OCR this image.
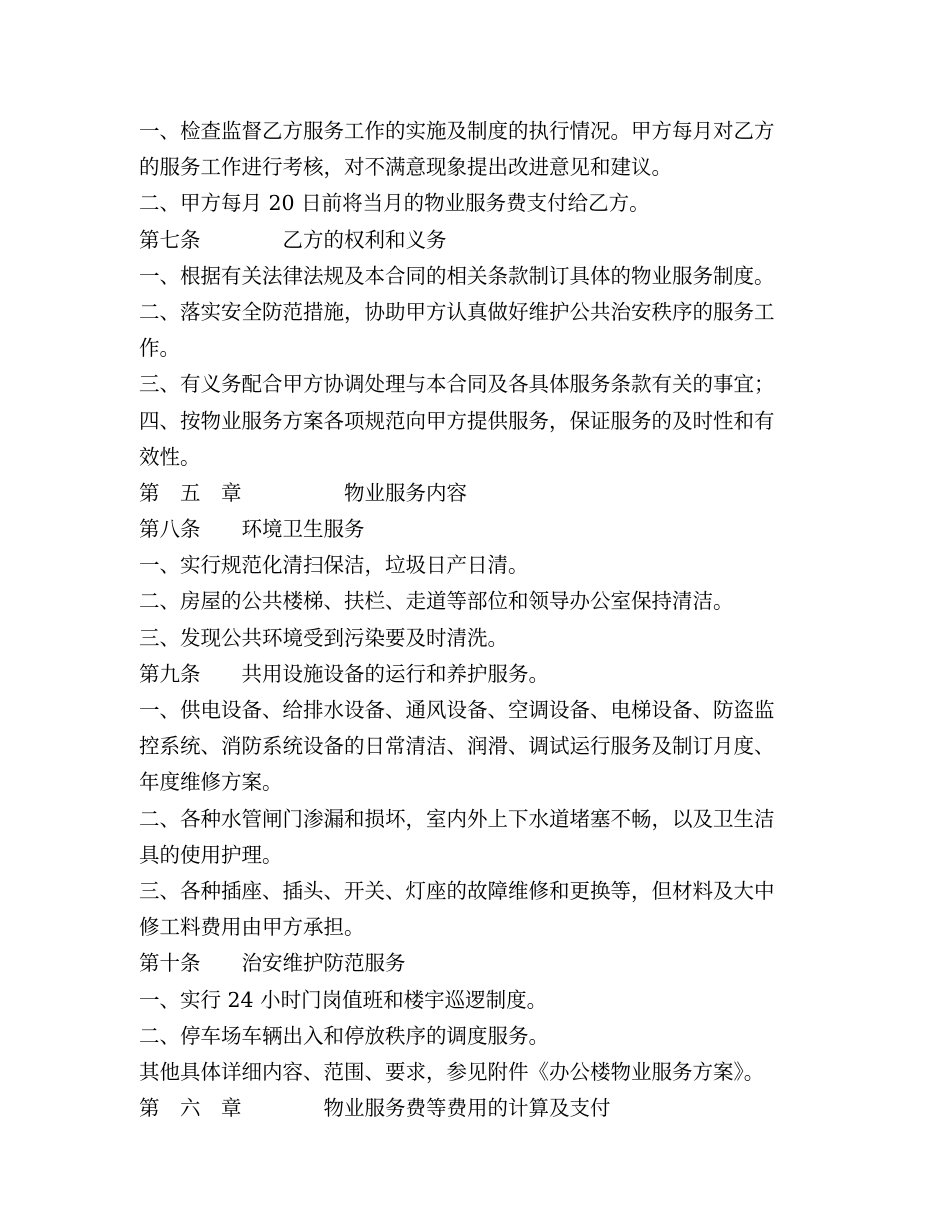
一、检查监督乙方服务工作的实施及制度的执行情况。甲方每月对乙方
的服务工作进行考核，对不满意现象提出改进意见和建议。
二、甲方每月 20 日前将当月的物业服务费支付给乙方。
第七条　　　　乙方的权利和义务
一、根据有关法律法规及本合同的相关条款制订具体的物业服务制度。
二、落实安全防范措施，协助甲方认真做好维护公共治安秩序的服务工
作。
三、有义务配合甲方协调处理与本合同及各具体服务条款有关的事宜；
四、按物业服务方案各项规范向甲方提供服务，保证服务的及时性和有
效性。
第　五　章　　　　　物业服务内容
第八条　　环境卫生服务
一、实行规范化清扫保洁，垃圾日产日清。
二、房屋的公共楼梯、扶栏、走道等部位和领导办公室保持清洁。
三、发现公共环境受到污染要及时清洗。
第九条　　共用设施设备的运行和养护服务。
一、供电设备、给排水设备、通风设备、空调设备、电梯设备、防盗监
控系统、消防系统设备的日常清洁、润滑、调试运行服务及制订月度、
年度维修方案。
二、各种水管闸门渗漏和损坏，室内外上下水道堵塞不畅，以及卫生洁
具的使用护理。
三、各种插座、插头、开关、灯座的故障维修和更换等，但材料及大中
修工料费用由甲方承担。
第十条　　治安维护防范服务
一、实行 24 小时门岗值班和楼宇巡逻制度。
二、停车场车辆出入和停放秩序的调度服务。
其他具体详细内容、范围、要求，参见附件《办公楼物业服务方案》。
第　六　章　　　　物业服务费等费用的计算及支付
